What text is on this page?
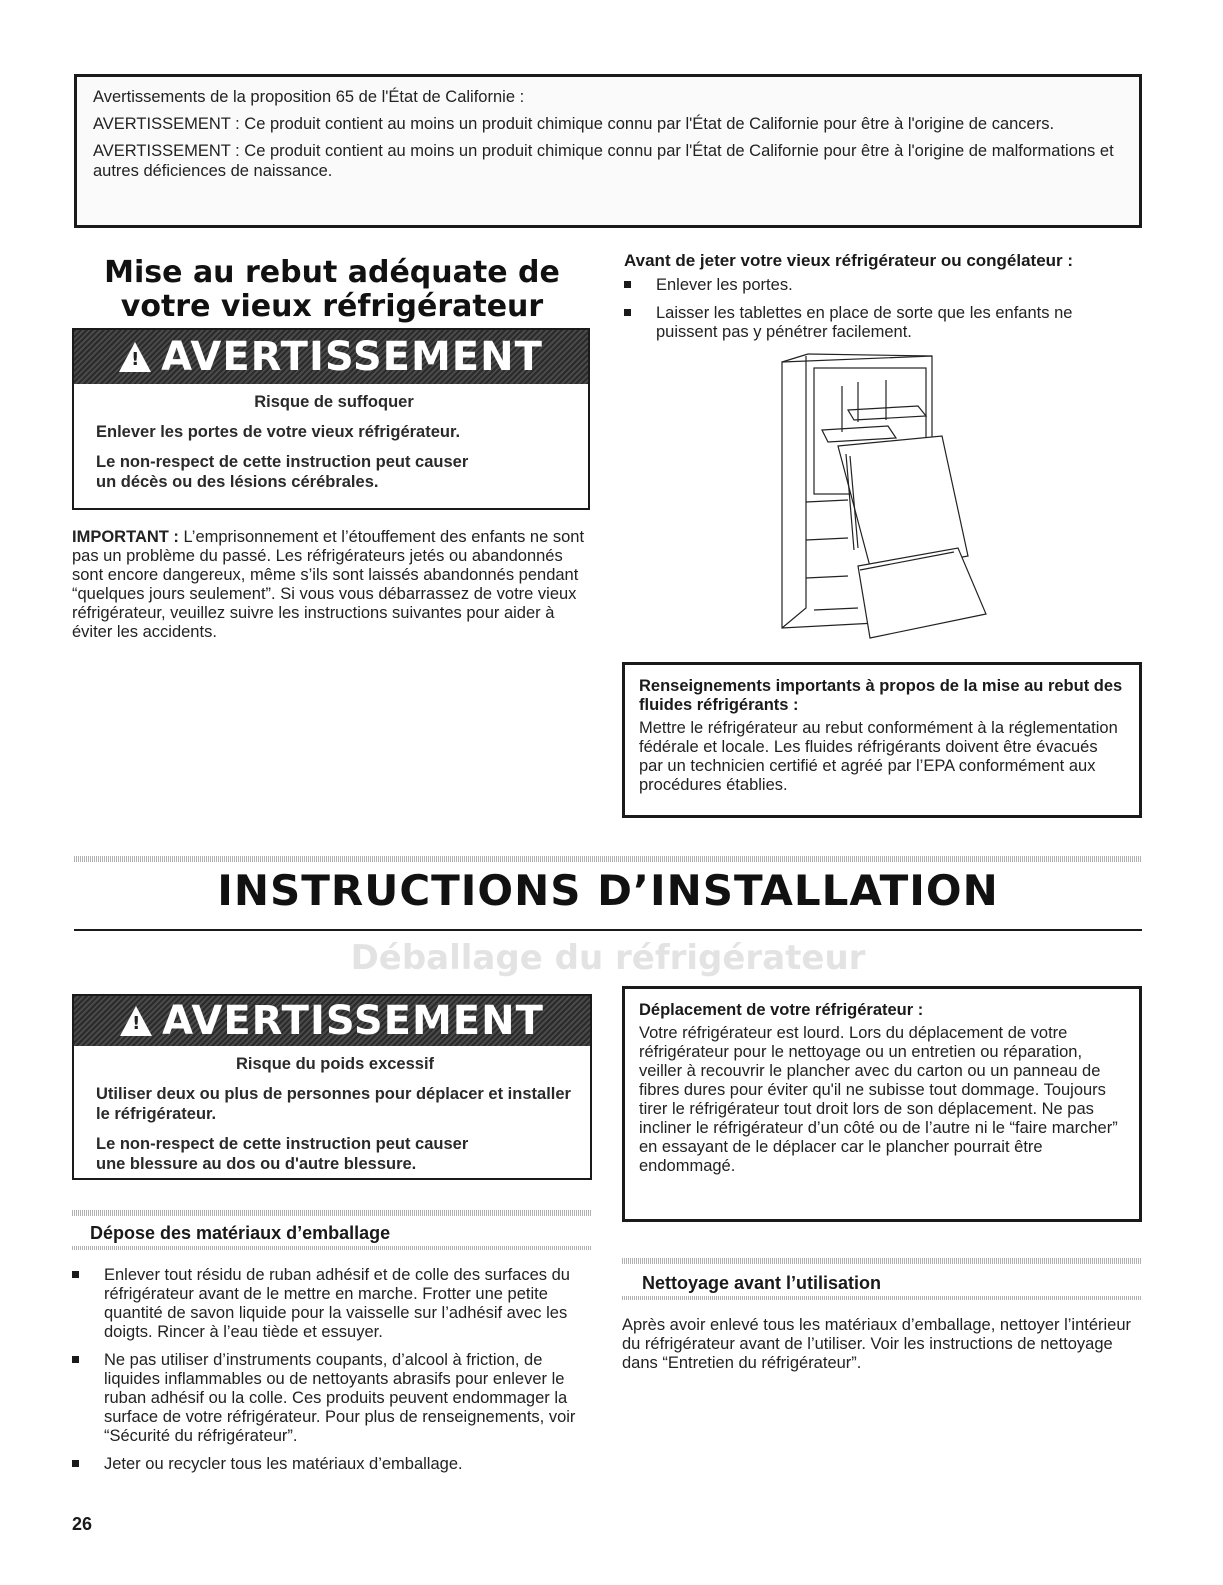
Avertissements de la proposition 65 de l'État de Californie :

AVERTISSEMENT : Ce produit contient au moins un produit chimique connu par l'État de Californie pour être à l'origine de cancers.

AVERTISSEMENT : Ce produit contient au moins un produit chimique connu par l'État de Californie pour être à l'origine de malformations et autres déficiences de naissance.

Mise au rebut adéquate de
votre vieux réfrigérateur
! AVERTISSEMENT
Risque de suffoquer

Enlever les portes de votre vieux réfrigérateur.

Le non-respect de cette instruction peut causer
un décès ou des lésions cérébrales.
IMPORTANT : L’emprisonnement et l’étouffement des enfants ne sont pas un problème du passé. Les réfrigérateurs jetés ou abandonnés sont encore dangereux, même s’ils sont laissés abandonnés pendant “quelques jours seulement”. Si vous vous débarrassez de votre vieux réfrigérateur, veuillez suivre les instructions suivantes pour aider à éviter les accidents.
Avant de jeter votre vieux réfrigérateur ou congélateur :
Enlever les portes.
Laisser les tablettes en place de sorte que les enfants ne puissent pas y pénétrer facilement.
Renseignements importants à propos de la mise au rebut des fluides réfrigérants :
Mettre le réfrigérateur au rebut conformément à la réglementation fédérale et locale. Les fluides réfrigérants doivent être évacués par un technicien certifié et agréé par l’EPA conformément aux procédures établies.
INSTRUCTIONS D’INSTALLATION
Déballage du réfrigérateur
! AVERTISSEMENT
Risque du poids excessif

Utiliser deux ou plus de personnes pour déplacer et installer le réfrigérateur.

Le non-respect de cette instruction peut causer
une blessure au dos ou d'autre blessure.
Déplacement de votre réfrigérateur :
Votre réfrigérateur est lourd. Lors du déplacement de votre réfrigérateur pour le nettoyage ou un entretien ou réparation, veiller à recouvrir le plancher avec du carton ou un panneau de fibres dures pour éviter qu'il ne subisse tout dommage. Toujours tirer le réfrigérateur tout droit lors de son déplacement. Ne pas incliner le réfrigérateur d’un côté ou de l’autre ni le “faire marcher” en essayant de le déplacer car le plancher pourrait être endommagé.
Dépose des matériaux d’emballage
Enlever tout résidu de ruban adhésif et de colle des surfaces du réfrigérateur avant de le mettre en marche. Frotter une petite quantité de savon liquide pour la vaisselle sur l’adhésif avec les doigts. Rincer à l’eau tiède et essuyer.
Ne pas utiliser d’instruments coupants, d’alcool à friction, de liquides inflammables ou de nettoyants abrasifs pour enlever le ruban adhésif ou la colle. Ces produits peuvent endommager la surface de votre réfrigérateur. Pour plus de renseignements, voir “Sécurité du réfrigérateur”.
Jeter ou recycler tous les matériaux d’emballage.
Nettoyage avant l’utilisation
Après avoir enlevé tous les matériaux d’emballage, nettoyer l’intérieur du réfrigérateur avant de l’utiliser. Voir les instructions de nettoyage dans “Entretien du réfrigérateur”.
26
